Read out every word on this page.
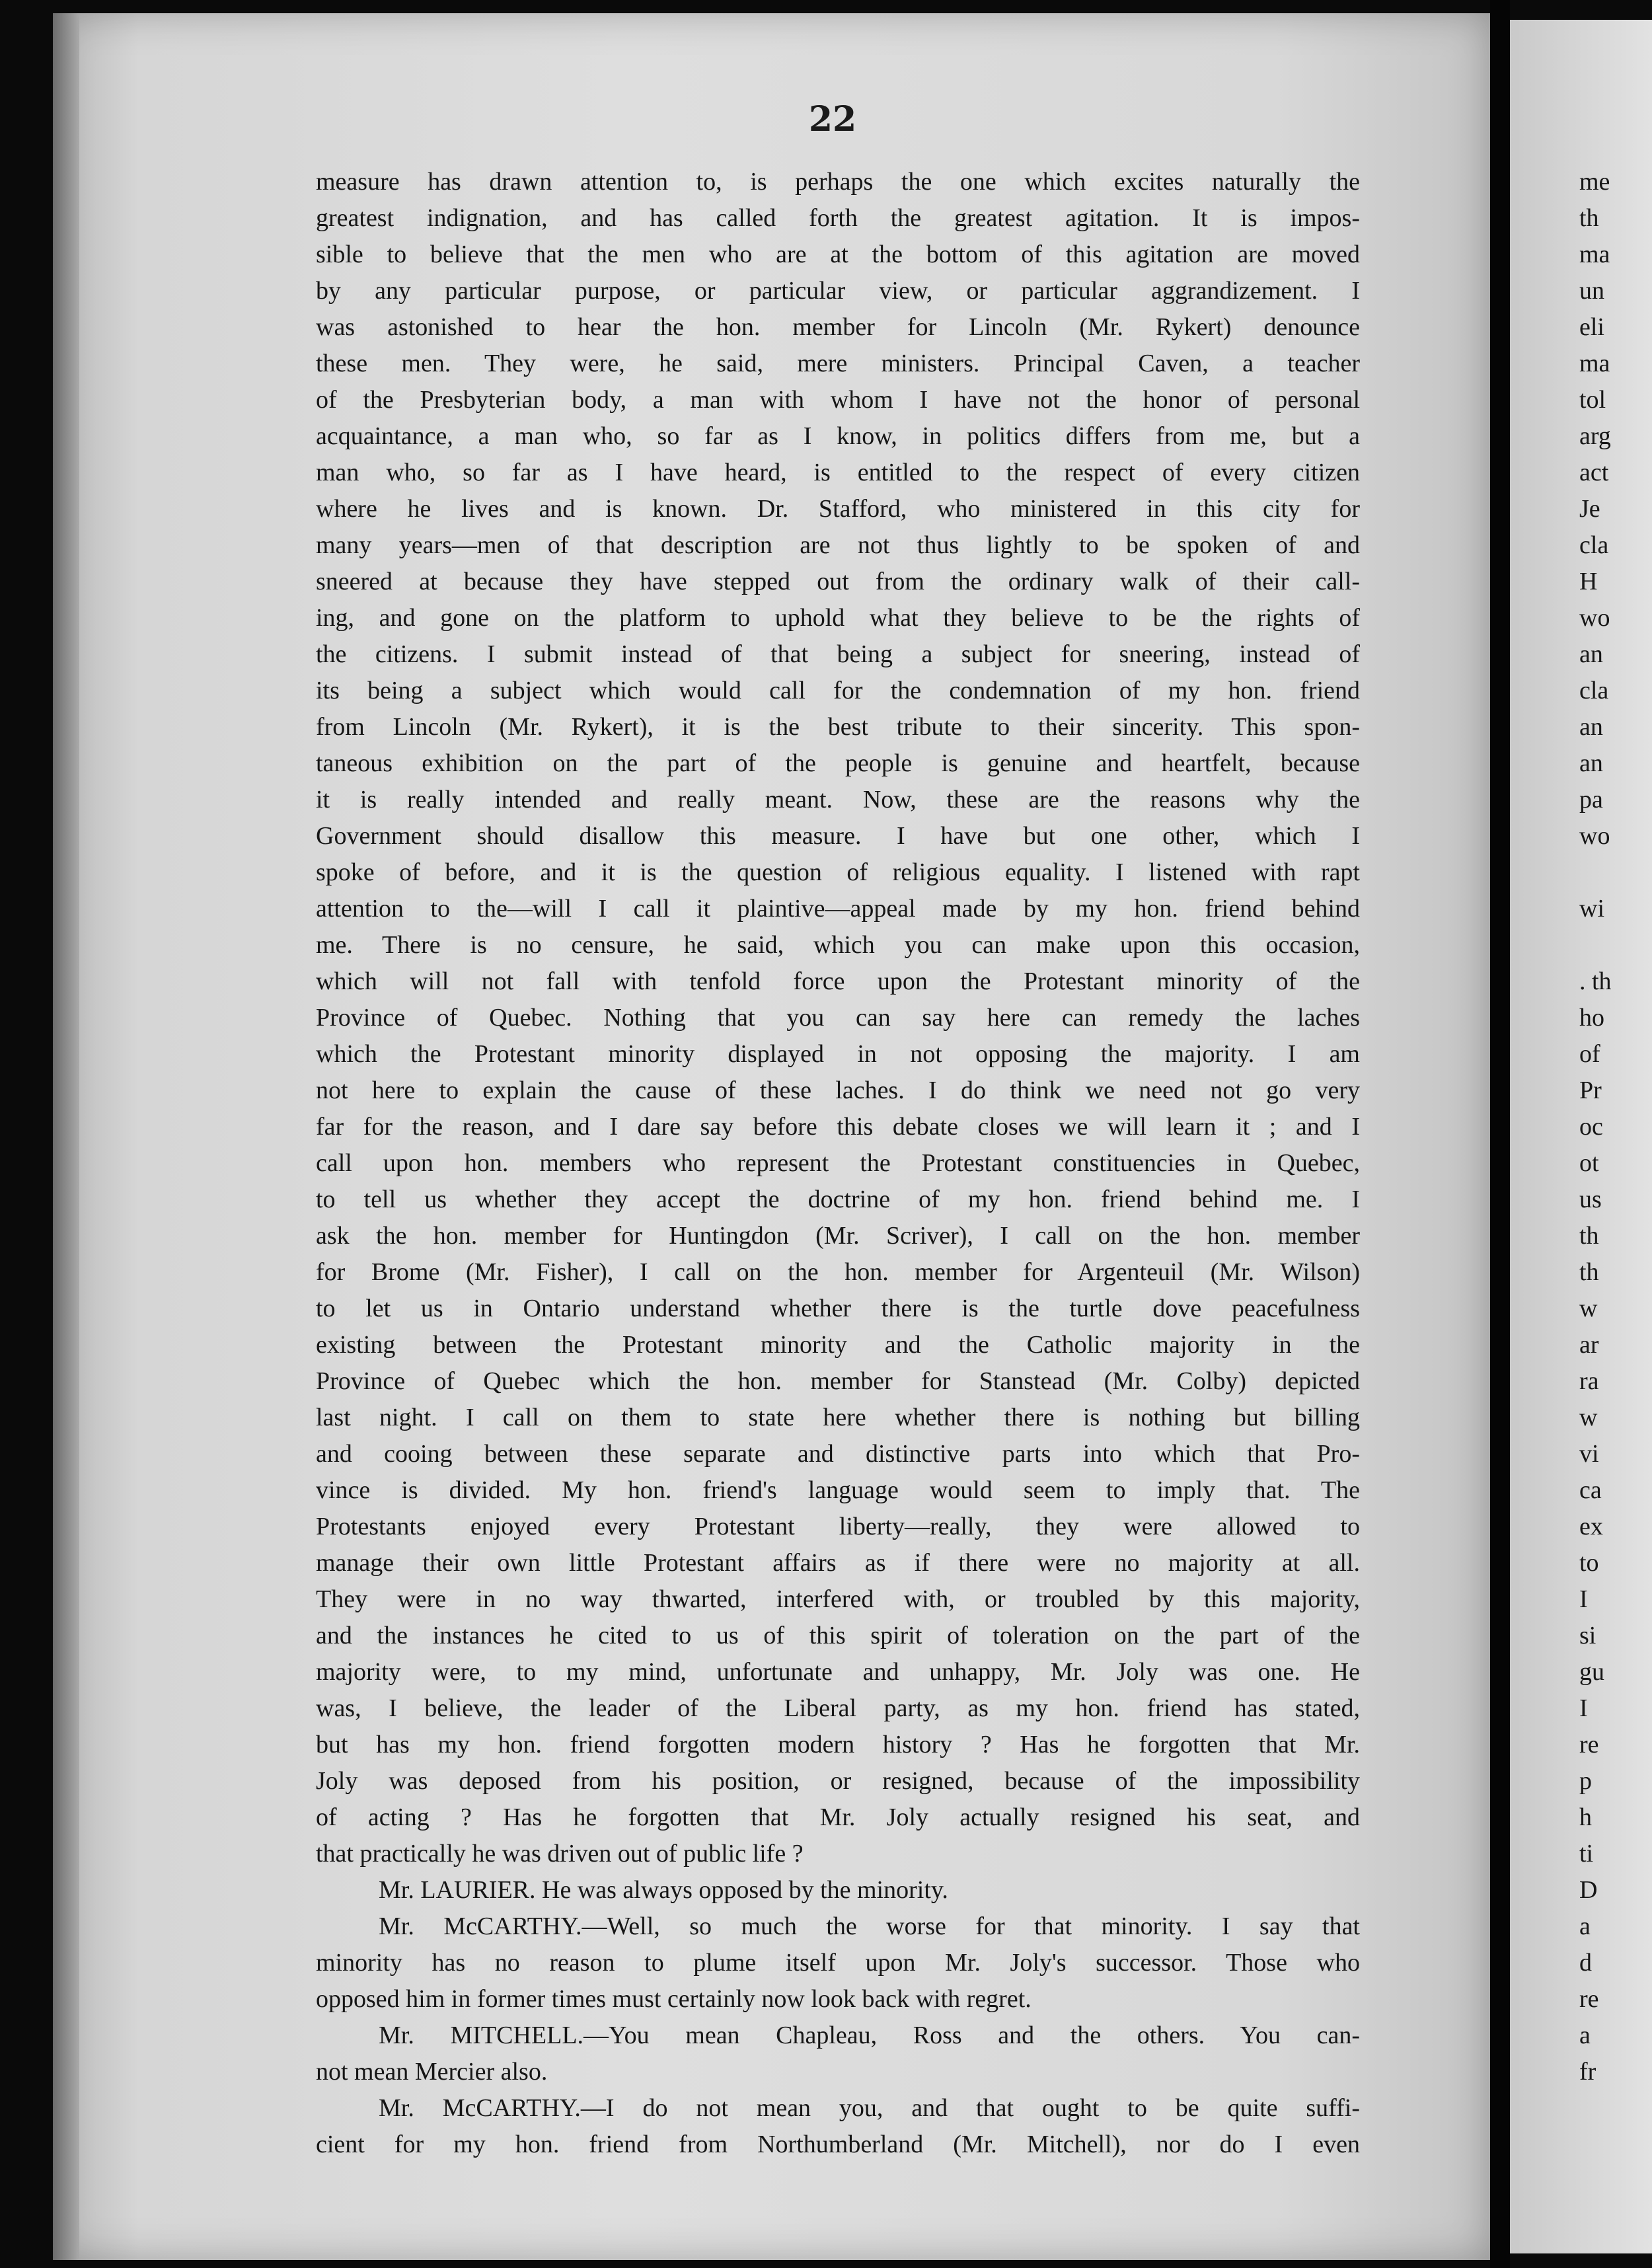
22
measure has drawn attention to, is perhaps the one which excites naturally the
greatest indignation, and has called forth the greatest agitation. It is impos-
sible to believe that the men who are at the bottom of this agitation are moved
by any particular purpose, or particular view, or particular aggrandizement. I
was astonished to hear the hon. member for Lincoln (Mr. Rykert) denounce
these men. They were, he said, mere ministers. Principal Caven, a teacher
of the Presbyterian body, a man with whom I have not the honor of personal
acquaintance, a man who, so far as I know, in politics differs from me, but a
man who, so far as I have heard, is entitled to the respect of every citizen
where he lives and is known. Dr. Stafford, who ministered in this city for
many years—men of that description are not thus lightly to be spoken of and
sneered at because they have stepped out from the ordinary walk of their call-
ing, and gone on the platform to uphold what they believe to be the rights of
the citizens. I submit instead of that being a subject for sneering, instead of
its being a subject which would call for the condemnation of my hon. friend
from Lincoln (Mr. Rykert), it is the best tribute to their sincerity. This spon-
taneous exhibition on the part of the people is genuine and heartfelt, because
it is really intended and really meant. Now, these are the reasons why the
Government should disallow this measure. I have but one other, which I
spoke of before, and it is the question of religious equality. I listened with rapt
attention to the—will I call it plaintive—appeal made by my hon. friend behind
me. There is no censure, he said, which you can make upon this occasion,
which will not fall with tenfold force upon the Protestant minority of the
Province of Quebec. Nothing that you can say here can remedy the laches
which the Protestant minority displayed in not opposing the majority. I am
not here to explain the cause of these laches. I do think we need not go very
far for the reason, and I dare say before this debate closes we will learn it ; and I
call upon hon. members who represent the Protestant constituencies in Quebec,
to tell us whether they accept the doctrine of my hon. friend behind me. I
ask the hon. member for Huntingdon (Mr. Scriver), I call on the hon. member
for Brome (Mr. Fisher), I call on the hon. member for Argenteuil (Mr. Wilson)
to let us in Ontario understand whether there is the turtle dove peacefulness
existing between the Protestant minority and the Catholic majority in the
Province of Quebec which the hon. member for Stanstead (Mr. Colby) depicted
last night. I call on them to state here whether there is nothing but billing
and cooing between these separate and distinctive parts into which that Pro-
vince is divided. My hon. friend's language would seem to imply that. The
Protestants enjoyed every Protestant liberty—really, they were allowed to
manage their own little Protestant affairs as if there were no majority at all.
They were in no way thwarted, interfered with, or troubled by this majority,
and the instances he cited to us of this spirit of toleration on the part of the
majority were, to my mind, unfortunate and unhappy, Mr. Joly was one. He
was, I believe, the leader of the Liberal party, as my hon. friend has stated,
but has my hon. friend forgotten modern history ? Has he forgotten that Mr.
Joly was deposed from his position, or resigned, because of the impossibility
of acting ? Has he forgotten that Mr. Joly actually resigned his seat, and
that practically he was driven out of public life ?
Mr. LAURIER. He was always opposed by the minority.
Mr. McCARTHY.—Well, so much the worse for that minority. I say that
minority has no reason to plume itself upon Mr. Joly's successor. Those who
opposed him in former times must certainly now look back with regret.
Mr. MITCHELL.—You mean Chapleau, Ross and the others. You can-
not mean Mercier also.
Mr. McCARTHY.—I do not mean you, and that ought to be quite suffi-
cient for my hon. friend from Northumberland (Mr. Mitchell), nor do I even
me
th
ma
un
eli
ma
tol
arg
act
Je
cla
H
wo
an
cla
an
an
pa
wo
wi
. th
ho
of
Pr
oc
ot
us
th
th
w
ar
ra
w
vi
ca
ex
to
I
si
gu
I
re
p
h
ti
D
a
d
re
a
fr
